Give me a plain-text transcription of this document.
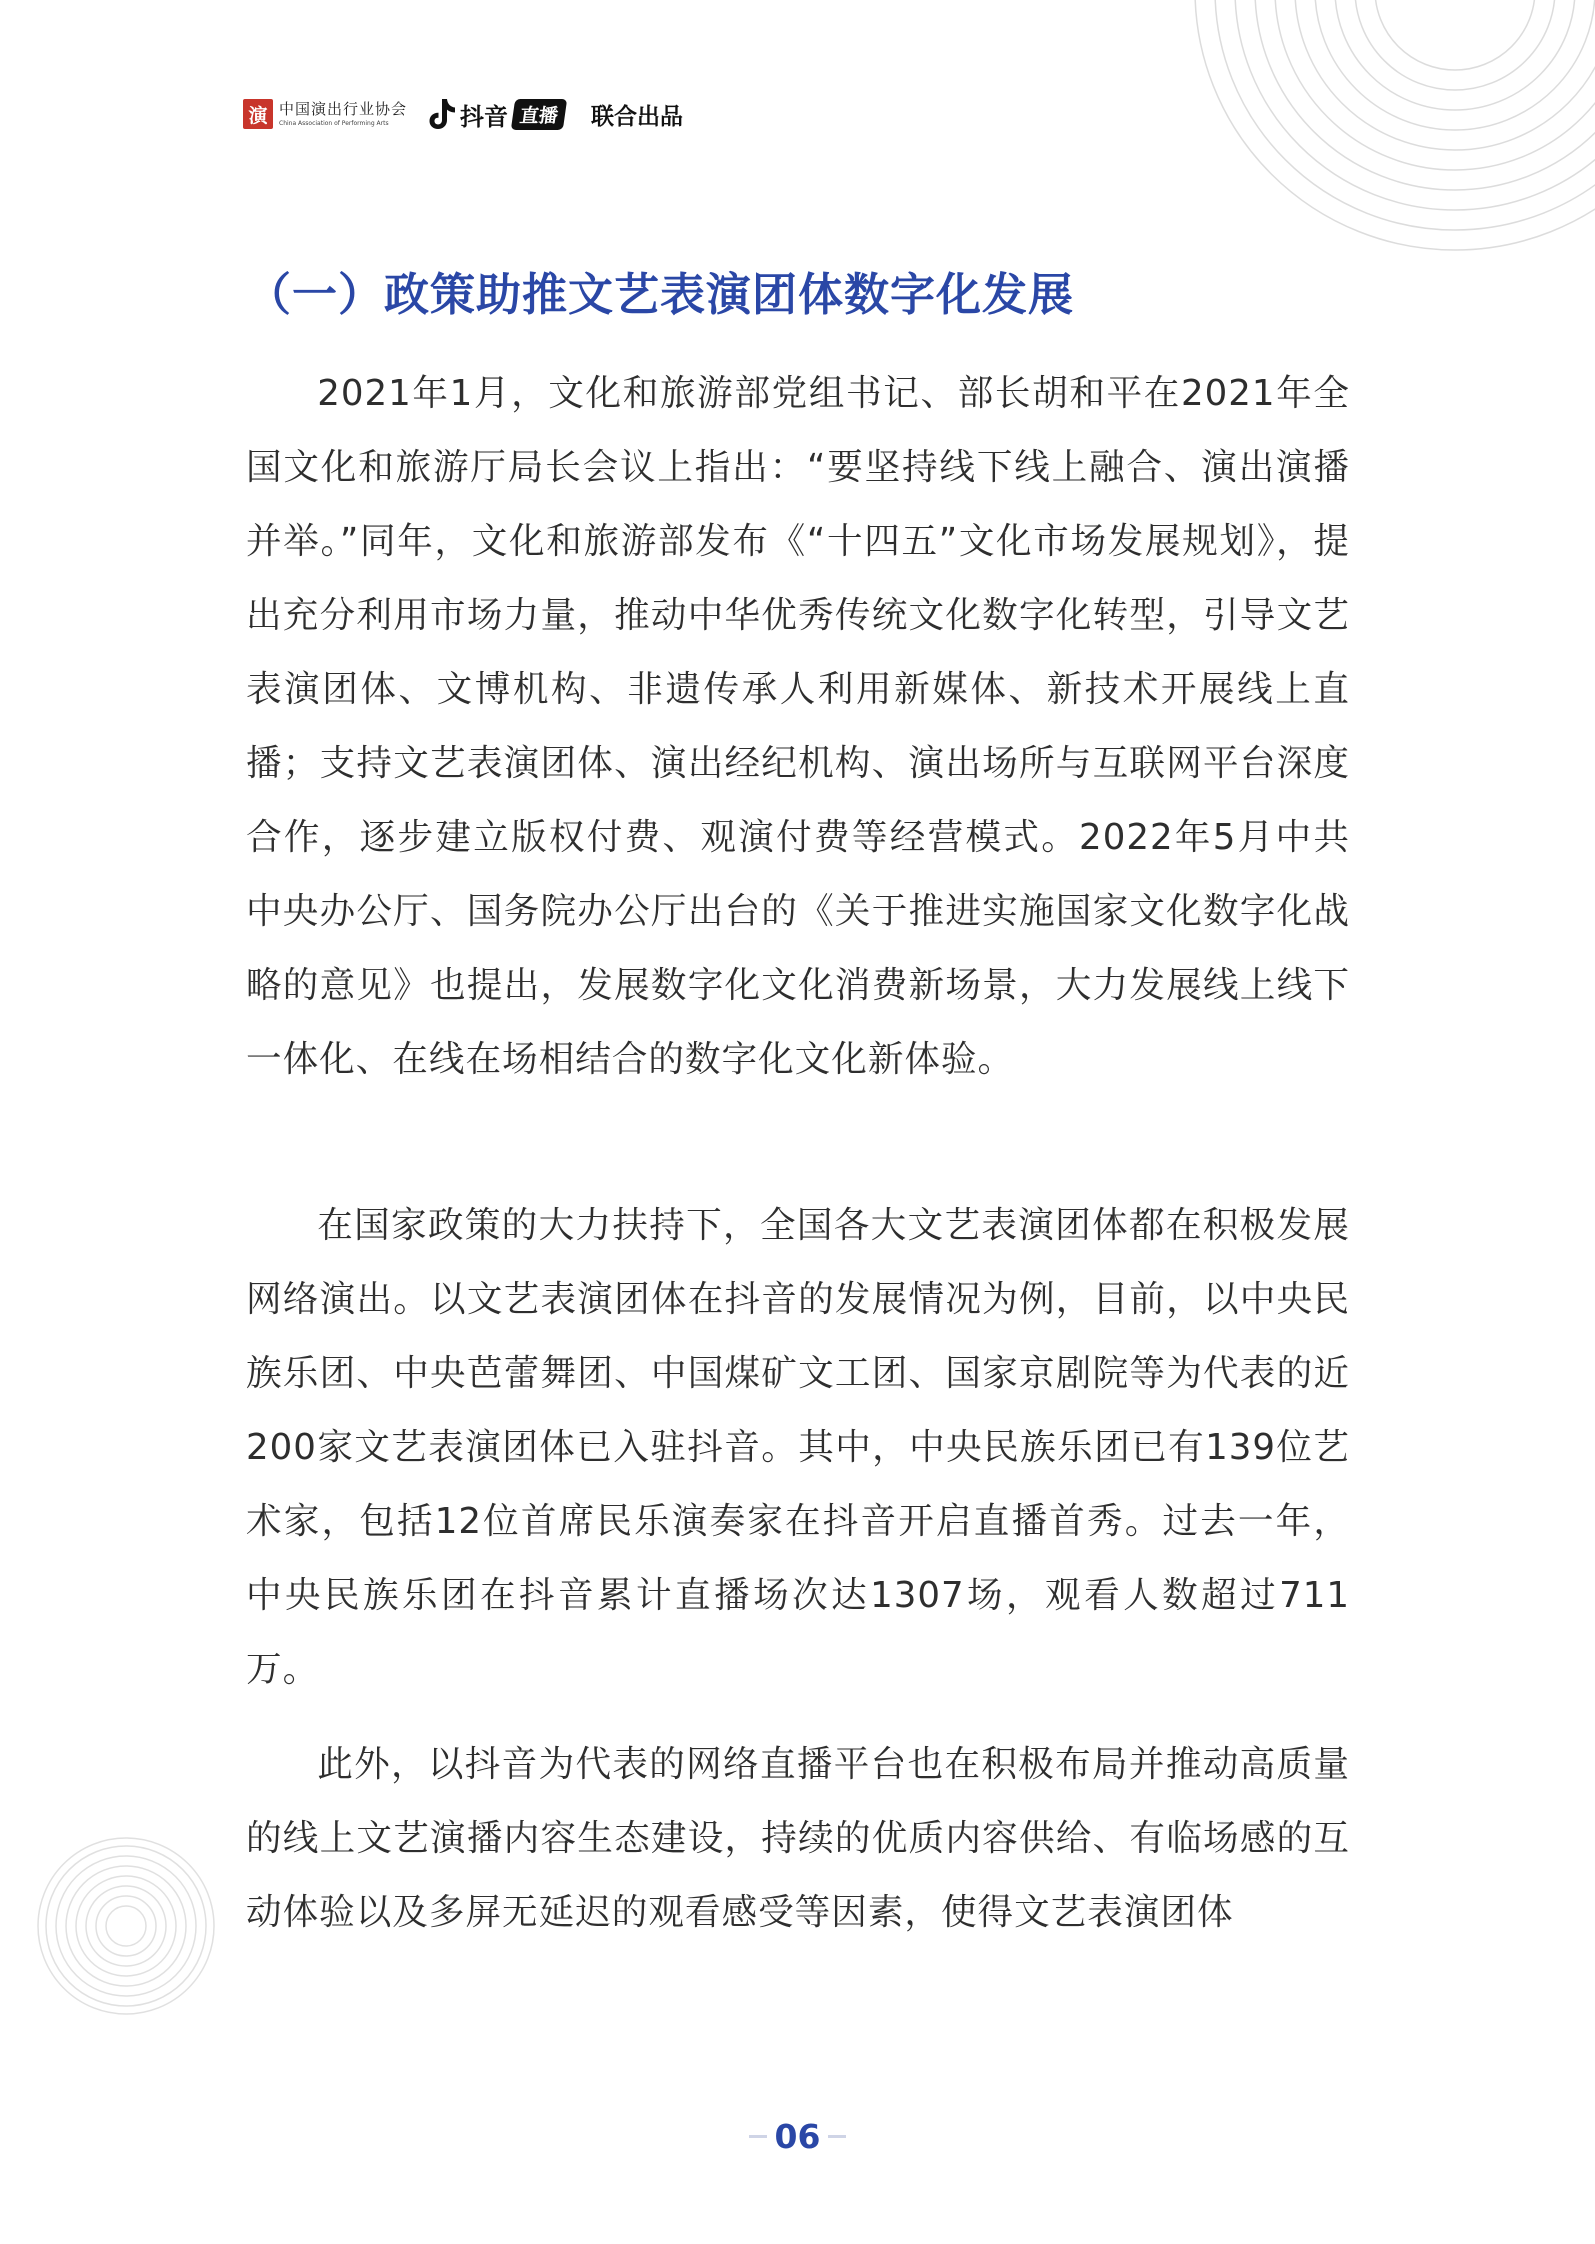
演 中国演出行业协会
China Association of Performing Arts	抖音 直播	联合出品
（一）政策助推文艺表演团体数字化发展

2021年1月，文化和旅游部党组书记、部长胡和平在2021年全国文化和旅游厅局长会议上指出：“要坚持线下线上融合、演出演播并举。”同年，文化和旅游部发布《“十四五”文化市场发展规划》，提出充分利用市场力量，推动中华优秀传统文化数字化转型，引导文艺表演团体、文博机构、非遗传承人利用新媒体、新技术开展线上直播；支持文艺表演团体、演出经纪机构、演出场所与互联网平台深度合作，逐步建立版权付费、观演付费等经营模式。2022年5月中共中央办公厅、国务院办公厅出台的《关于推进实施国家文化数字化战略的意见》也提出，发展数字化文化消费新场景，大力发展线上线下一体化、在线在场相结合的数字化文化新体验。

在国家政策的大力扶持下，全国各大文艺表演团体都在积极发展网络演出。以文艺表演团体在抖音的发展情况为例，目前，以中央民族乐团、中央芭蕾舞团、中国煤矿文工团、国家京剧院等为代表的近200家文艺表演团体已入驻抖音。其中，中央民族乐团已有139位艺术家，包括12位首席民乐演奏家在抖音开启直播首秀。过去一年，中央民族乐团在抖音累计直播场次达1307场，观看人数超过711万。

此外，以抖音为代表的网络直播平台也在积极布局并推动高质量的线上文艺演播内容生态建设，持续的优质内容供给、有临场感的互动体验以及多屏无延迟的观看感受等因素，使得文艺表演团体

06
